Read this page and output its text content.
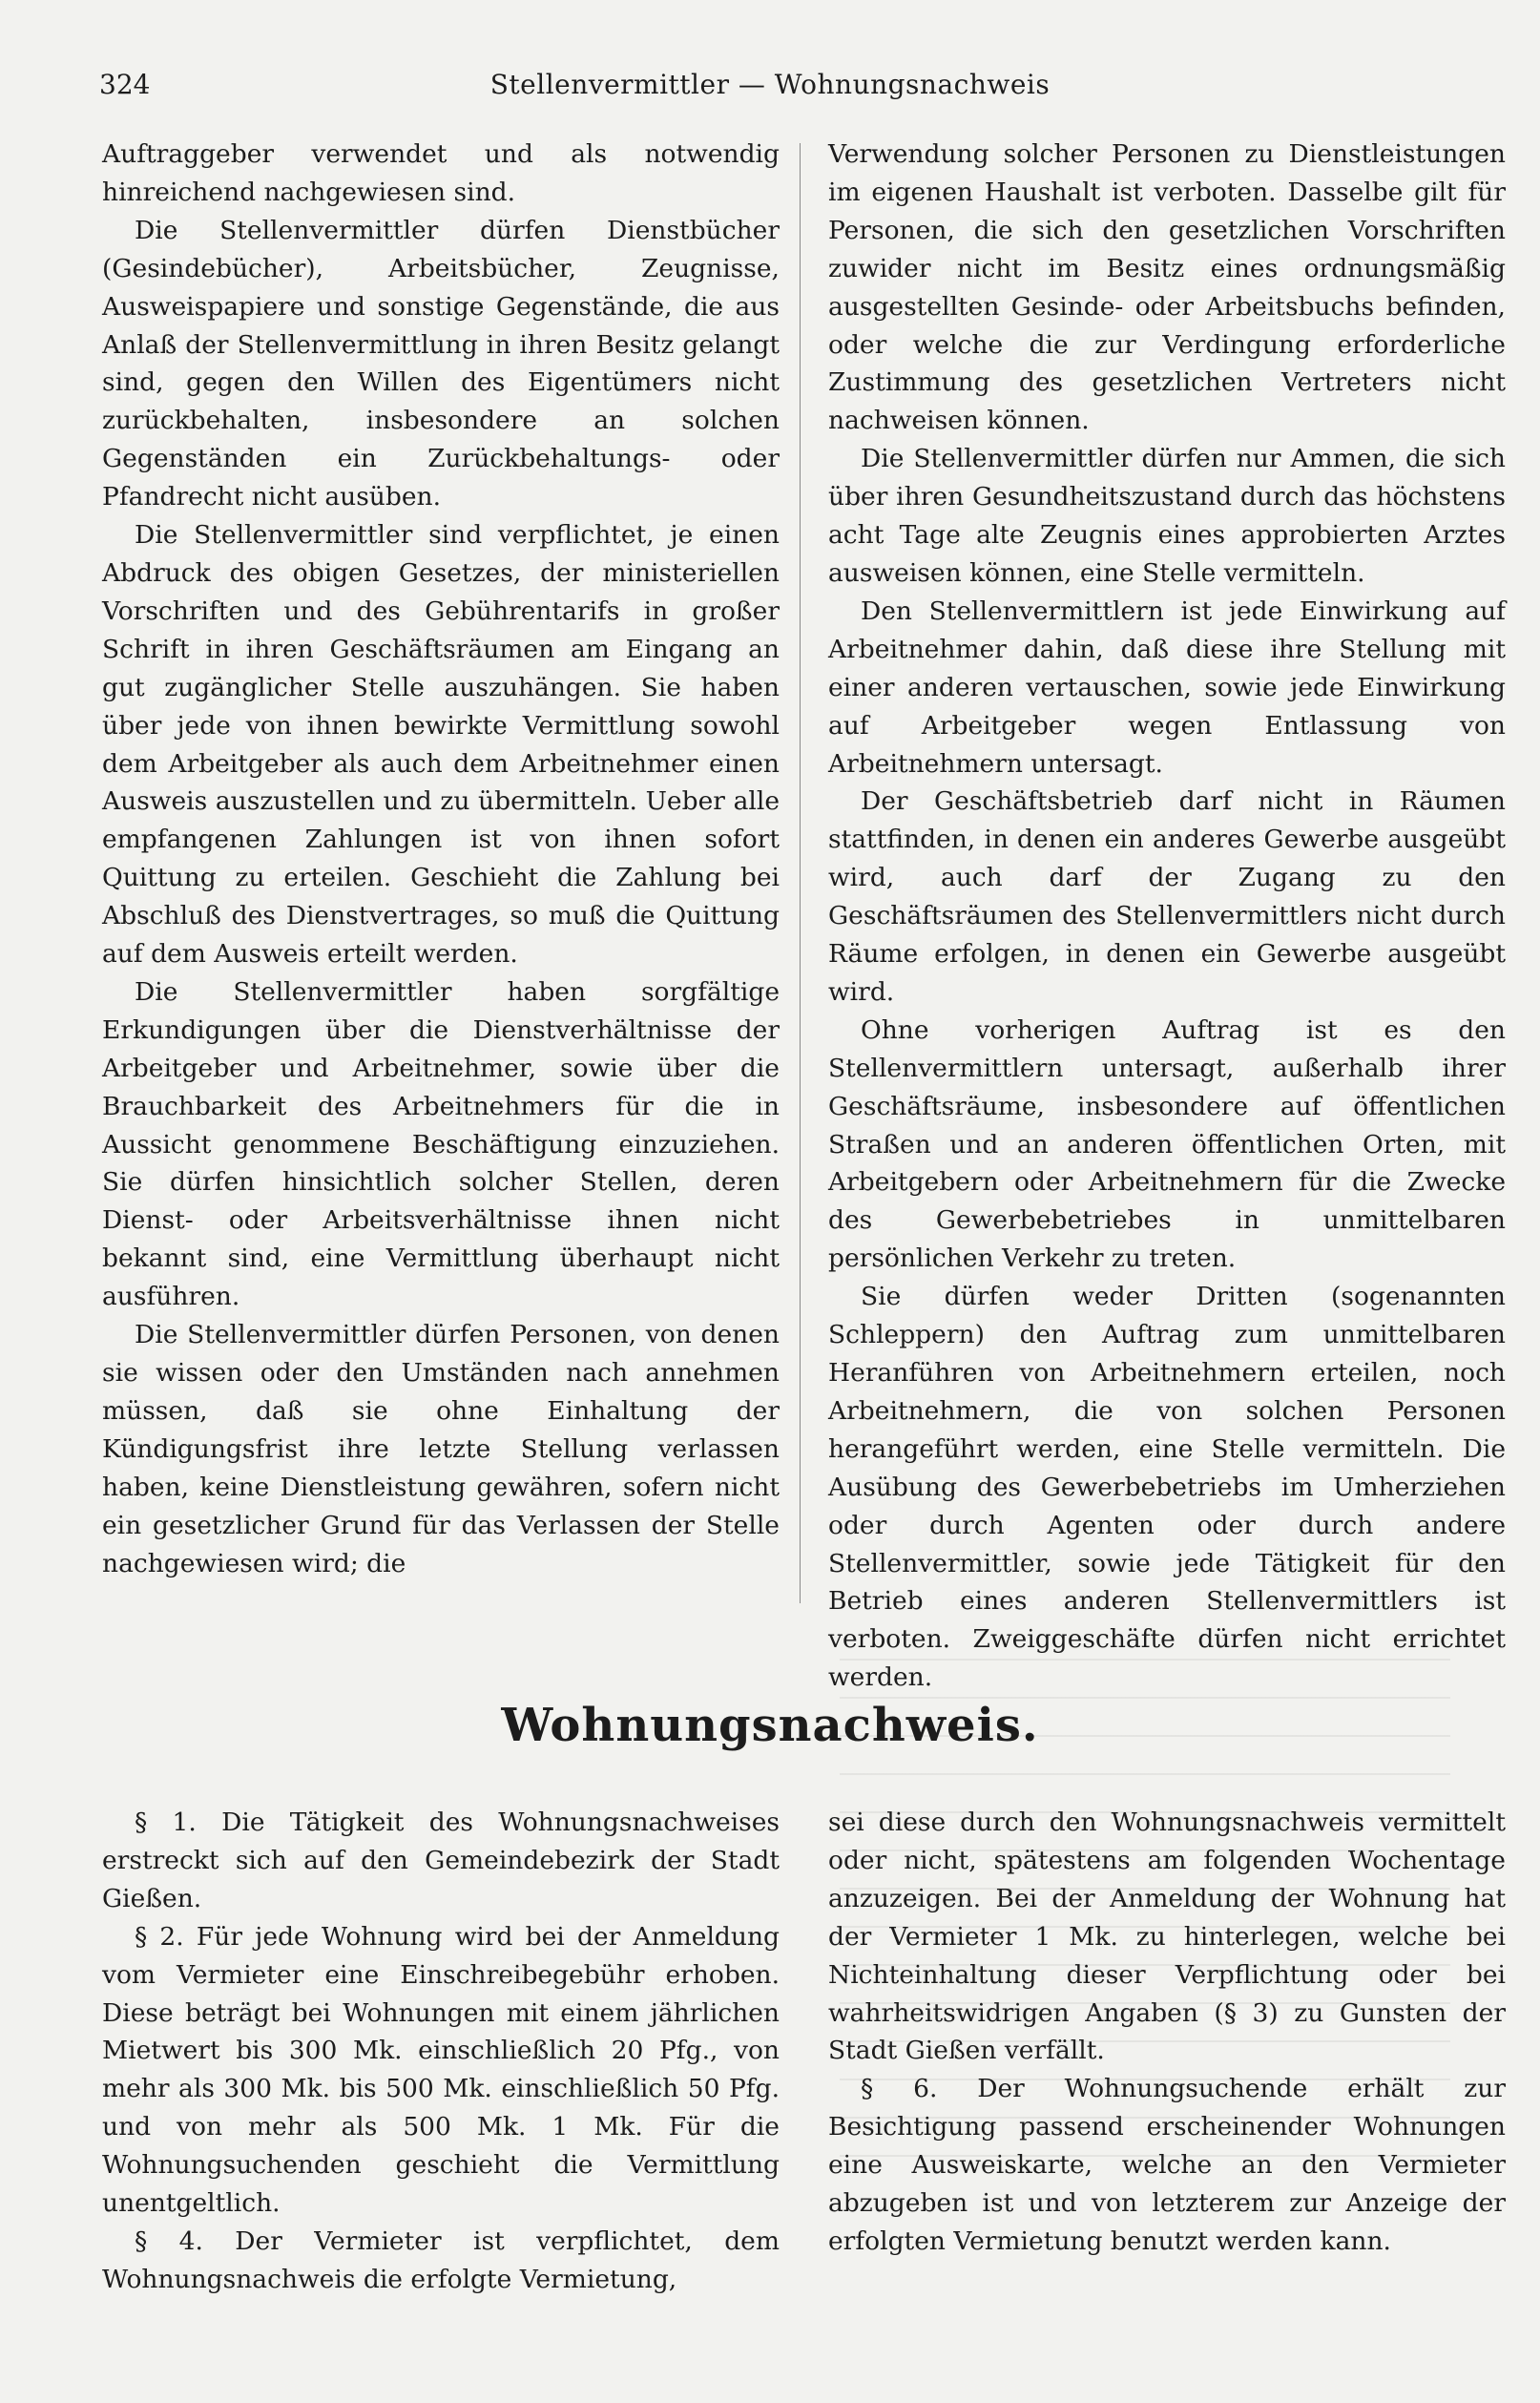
324	Stellenvermittler — Wohnungsnachweis

Auftraggeber verwendet und als notwendig hinreichend nachgewiesen sind.

Die Stellenvermittler dürfen Dienstbücher (Gesindebücher), Arbeitsbücher, Zeugnisse, Ausweispapiere und sonstige Gegenstände, die aus Anlaß der Stellenvermittlung in ihren Besitz gelangt sind, gegen den Willen des Eigentümers nicht zurückbehalten, insbesondere an solchen Gegenständen ein Zurückbehaltungs- oder Pfandrecht nicht ausüben.

Die Stellenvermittler sind verpflichtet, je einen Abdruck des obigen Gesetzes, der ministeriellen Vorschriften und des Gebührentarifs in großer Schrift in ihren Geschäftsräumen am Eingang an gut zugänglicher Stelle auszuhängen. Sie haben über jede von ihnen bewirkte Vermittlung sowohl dem Arbeitgeber als auch dem Arbeitnehmer einen Ausweis auszustellen und zu übermitteln. Ueber alle empfangenen Zahlungen ist von ihnen sofort Quittung zu erteilen. Geschieht die Zahlung bei Abschluß des Dienstvertrages, so muß die Quittung auf dem Ausweis erteilt werden.

Die Stellenvermittler haben sorgfältige Erkundigungen über die Dienstverhältnisse der Arbeitgeber und Arbeitnehmer, sowie über die Brauchbarkeit des Arbeitnehmers für die in Aussicht genommene Beschäftigung einzuziehen. Sie dürfen hinsichtlich solcher Stellen, deren Dienst- oder Arbeitsverhältnisse ihnen nicht bekannt sind, eine Vermittlung überhaupt nicht ausführen.

Die Stellenvermittler dürfen Personen, von denen sie wissen oder den Umständen nach annehmen müssen, daß sie ohne Einhaltung der Kündigungsfrist ihre letzte Stellung verlassen haben, keine Dienstleistung gewähren, sofern nicht ein gesetzlicher Grund für das Verlassen der Stelle nachgewiesen wird; die

Verwendung solcher Personen zu Dienstleistungen im eigenen Haushalt ist verboten. Dasselbe gilt für Personen, die sich den gesetzlichen Vorschriften zuwider nicht im Besitz eines ordnungsmäßig ausgestellten Gesinde- oder Arbeitsbuchs befinden, oder welche die zur Verdingung erforderliche Zustimmung des gesetzlichen Vertreters nicht nachweisen können.

Die Stellenvermittler dürfen nur Ammen, die sich über ihren Gesundheitszustand durch das höchstens acht Tage alte Zeugnis eines approbierten Arztes ausweisen können, eine Stelle vermitteln.

Den Stellenvermittlern ist jede Einwirkung auf Arbeitnehmer dahin, daß diese ihre Stellung mit einer anderen vertauschen, sowie jede Einwirkung auf Arbeitgeber wegen Entlassung von Arbeitnehmern untersagt.

Der Geschäftsbetrieb darf nicht in Räumen stattfinden, in denen ein anderes Gewerbe ausgeübt wird, auch darf der Zugang zu den Geschäftsräumen des Stellenvermittlers nicht durch Räume erfolgen, in denen ein Gewerbe ausgeübt wird.

Ohne vorherigen Auftrag ist es den Stellenvermittlern untersagt, außerhalb ihrer Geschäftsräume, insbesondere auf öffentlichen Straßen und an anderen öffentlichen Orten, mit Arbeitgebern oder Arbeitnehmern für die Zwecke des Gewerbebetriebes in unmittelbaren persönlichen Verkehr zu treten.

Sie dürfen weder Dritten (sogenannten Schleppern) den Auftrag zum unmittelbaren Heranführen von Arbeitnehmern erteilen, noch Arbeitnehmern, die von solchen Personen herangeführt werden, eine Stelle vermitteln. Die Ausübung des Gewerbebetriebs im Umherziehen oder durch Agenten oder durch andere Stellenvermittler, sowie jede Tätigkeit für den Betrieb eines anderen Stellenvermittlers ist verboten. Zweiggeschäfte dürfen nicht errichtet werden.

Wohnungsnachweis.

§ 1. Die Tätigkeit des Wohnungsnachweises erstreckt sich auf den Gemeindebezirk der Stadt Gießen.

§ 2. Für jede Wohnung wird bei der Anmeldung vom Vermieter eine Einschreibegebühr erhoben. Diese beträgt bei Wohnungen mit einem jährlichen Mietwert bis 300 Mk. einschließlich 20 Pfg., von mehr als 300 Mk. bis 500 Mk. einschließlich 50 Pfg. und von mehr als 500 Mk. 1 Mk. Für die Wohnungsuchenden geschieht die Vermittlung unentgeltlich.

§ 4. Der Vermieter ist verpflichtet, dem Wohnungsnachweis die erfolgte Vermietung,

sei diese durch den Wohnungsnachweis vermittelt oder nicht, spätestens am folgenden Wochentage anzuzeigen. Bei der Anmeldung der Wohnung hat der Vermieter 1 Mk. zu hinterlegen, welche bei Nichteinhaltung dieser Verpflichtung oder bei wahrheitswidrigen Angaben (§ 3) zu Gunsten der Stadt Gießen verfällt.

§ 6. Der Wohnungsuchende erhält zur Besichtigung passend erscheinender Wohnungen eine Ausweiskarte, welche an den Vermieter abzugeben ist und von letzterem zur Anzeige der erfolgten Vermietung benutzt werden kann.
